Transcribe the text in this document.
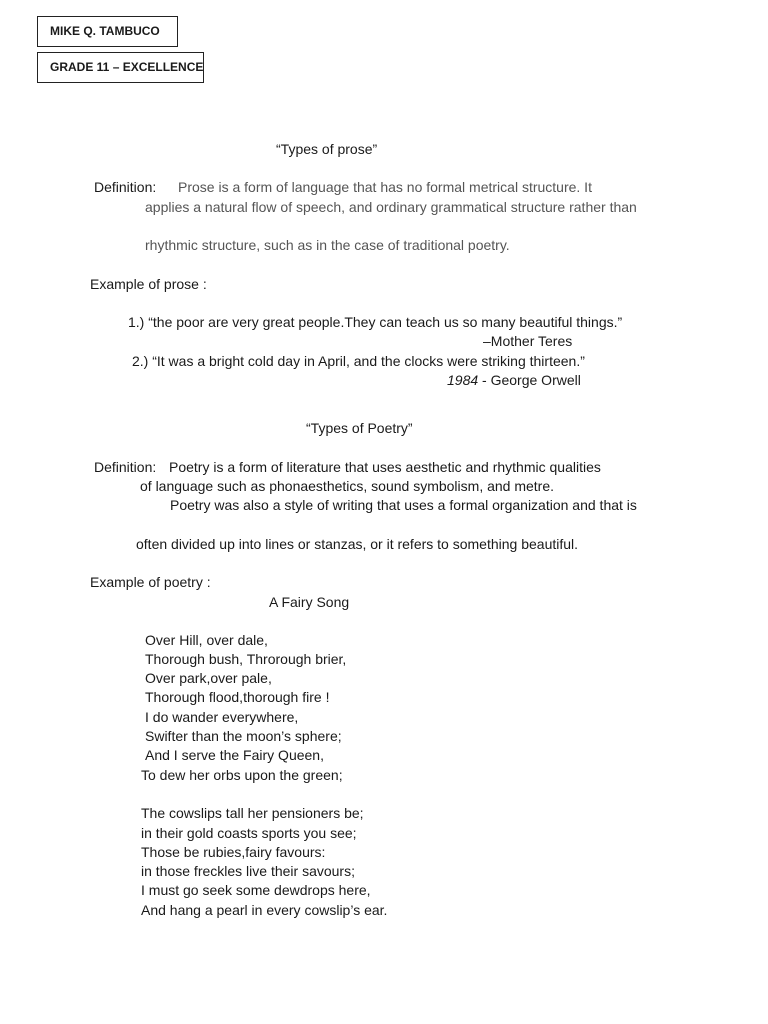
MIKE Q. TAMBUCO
GRADE 11 – EXCELLENCE
“Types of prose”
Definition: Prose is a form of language that has no formal metrical structure. It
applies a natural flow of speech, and ordinary grammatical structure rather than
rhythmic structure, such as in the case of traditional poetry.
Example of prose :
1.) “the poor are very great people.They can teach us so many beautiful things.”
–Mother Teres
2.) “It was a bright cold day in April, and the clocks were striking thirteen.”
1984 - George Orwell
“Types of Poetry”
Definition: Poetry is a form of literature that uses aesthetic and rhythmic qualities
of language such as phonaesthetics, sound symbolism, and metre.
Poetry was also a style of writing that uses a formal organization and that is
often divided up into lines or stanzas, or it refers to something beautiful.
Example of poetry :
A Fairy Song
Over Hill, over dale,
Thorough bush, Throrough brier,
Over park,over pale,
Thorough flood,thorough fire !
I do wander everywhere,
Swifter than the moon’s sphere;
And I serve the Fairy Queen,
To dew her orbs upon the green;
The cowslips tall her pensioners be;
in their gold coasts sports you see;
Those be rubies,fairy favours:
in those freckles live their savours;
I must go seek some dewdrops here,
And hang a pearl in every cowslip’s ear.
